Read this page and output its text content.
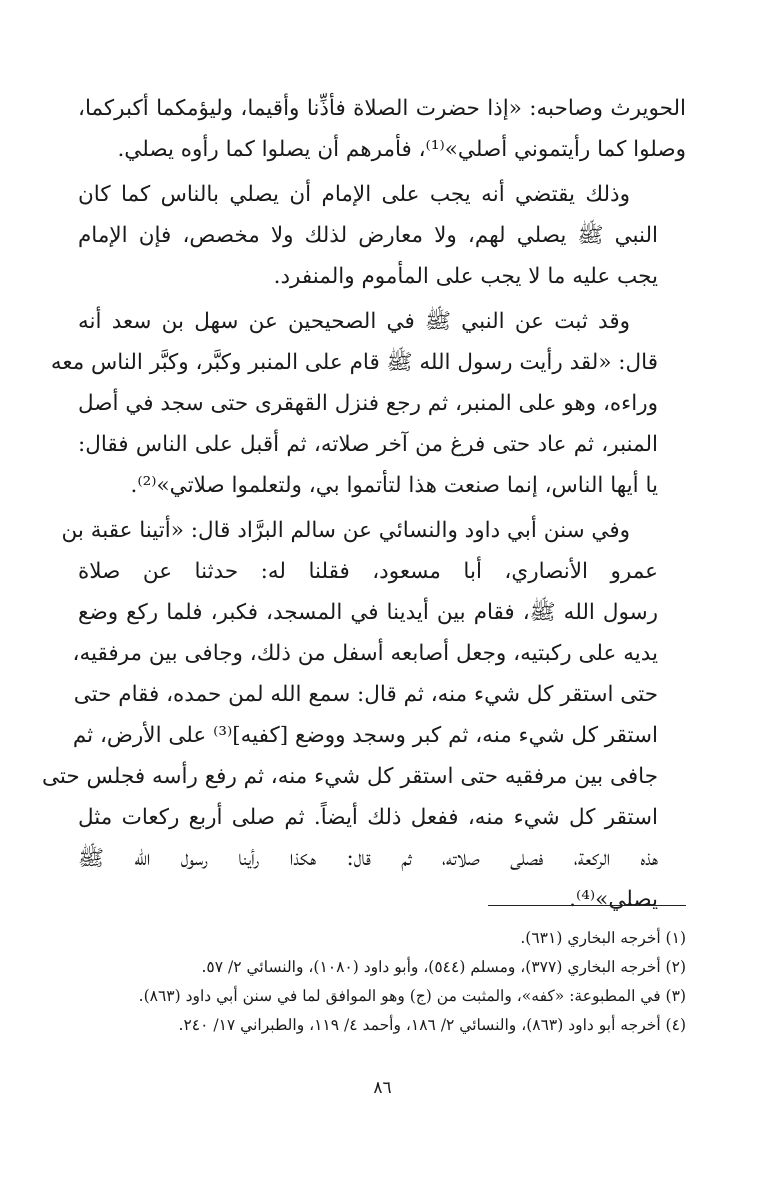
الحويرث وصاحبه: «إذا حضرت الصلاة فأذِّنا وأقيما، وليؤمكما أكبركما،
وصلوا كما رأيتموني أصلي»⁽¹⁾، فأمرهم أن يصلوا كما رأوه يصلي.
وذلك يقتضي أنه يجب على الإمام أن يصلي بالناس كما كان
النبي ﷺ يصلي لهم، ولا معارض لذلك ولا مخصص، فإن الإمام
يجب عليه ما لا يجب على المأموم والمنفرد.
وقد ثبت عن النبي ﷺ في الصحيحين عن سهل بن سعد أنه
قال: «لقد رأيت رسول الله ﷺ قام على المنبر وكبَّر، وكبَّر الناس معه
وراءه، وهو على المنبر، ثم رجع فنزل القهقرى حتى سجد في أصل
المنبر، ثم عاد حتى فرغ من آخر صلاته، ثم أقبل على الناس فقال:
يا أيها الناس، إنما صنعت هذا لتأتموا بي، ولتعلموا صلاتي»⁽²⁾.
وفي سنن أبي داود والنسائي عن سالم البرَّاد قال: «أتينا عقبة بن
عمرو الأنصاري، أبا مسعود، فقلنا له: حدثنا عن صلاة
رسول الله ﷺ، فقام بين أيدينا في المسجد، فكبر، فلما ركع وضع
يديه على ركبتيه، وجعل أصابعه أسفل من ذلك، وجافى بين مرفقيه،
حتى استقر كل شيء منه، ثم قال: سمع الله لمن حمده، فقام حتى
استقر كل شيء منه، ثم كبر وسجد ووضع [كفيه]⁽³⁾ على الأرض، ثم
جافى بين مرفقيه حتى استقر كل شيء منه، ثم رفع رأسه فجلس حتى
استقر كل شيء منه، ففعل ذلك أيضاً. ثم صلى أربع ركعات مثل
هذه الركعة، فصلى صلاته، ثم قال: هكذا رأينا رسول الله ﷺ
يصلي»⁽⁴⁾.
(١) أخرجه البخاري (٦٣١).
(٢) أخرجه البخاري (٣٧٧)، ومسلم (٥٤٤)، وأبو داود (١٠٨٠)، والنسائي ٢/ ٥٧.
(٣) في المطبوعة: «كفه»، والمثبت من (ج) وهو الموافق لما في سنن أبي داود (٨٦٣).
(٤) أخرجه أبو داود (٨٦٣)، والنسائي ٢/ ١٨٦، وأحمد ٤/ ١١٩، والطبراني ١٧/ ٢٤٠.
٨٦
